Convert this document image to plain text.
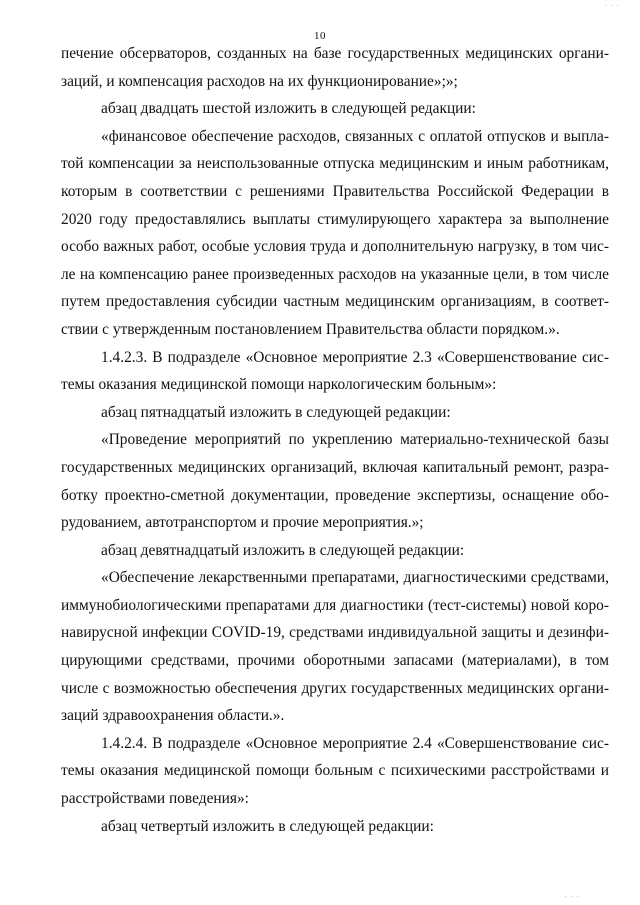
· · ·
10
печение обсерваторов, созданных на базе государственных медицинских органи-
заций, и компенсация расходов на их функционирование»;»;
абзац двадцать шестой изложить в следующей редакции:
«финансовое обеспечение расходов, связанных с оплатой отпусков и выпла-
той компенсации за неиспользованные отпуска медицинским и иным работникам,
которым в соответствии с решениями Правительства Российской Федерации в
2020 году предоставлялись выплаты стимулирующего характера за выполнение
особо важных работ, особые условия труда и дополнительную нагрузку, в том чис-
ле на компенсацию ранее произведенных расходов на указанные цели, в том числе
путем предоставления субсидии частным медицинским организациям, в соответ-
ствии с утвержденным постановлением Правительства области порядком.».
1.4.2.3. В подразделе «Основное мероприятие 2.3 «Совершенствование сис-
темы оказания медицинской помощи наркологическим больным»:
абзац пятнадцатый изложить в следующей редакции:
«Проведение мероприятий по укреплению материально-технической базы
государственных медицинских организаций, включая капитальный ремонт, разра-
ботку проектно-сметной документации, проведение экспертизы, оснащение обо-
рудованием, автотранспортом и прочие мероприятия.»;
абзац девятнадцатый изложить в следующей редакции:
«Обеспечение лекарственными препаратами, диагностическими средствами,
иммунобиологическими препаратами для диагностики (тест-системы) новой коро-
навирусной инфекции COVID-19, средствами индивидуальной защиты и дезинфи-
цирующими средствами, прочими оборотными запасами (материалами), в том
числе с возможностью обеспечения других государственных медицинских органи-
заций здравоохранения области.».
1.4.2.4. В подразделе «Основное мероприятие 2.4 «Совершенствование сис-
темы оказания медицинской помощи больным с психическими расстройствами и
расстройствами поведения»:
абзац четвертый изложить в следующей редакции:
· · ·
